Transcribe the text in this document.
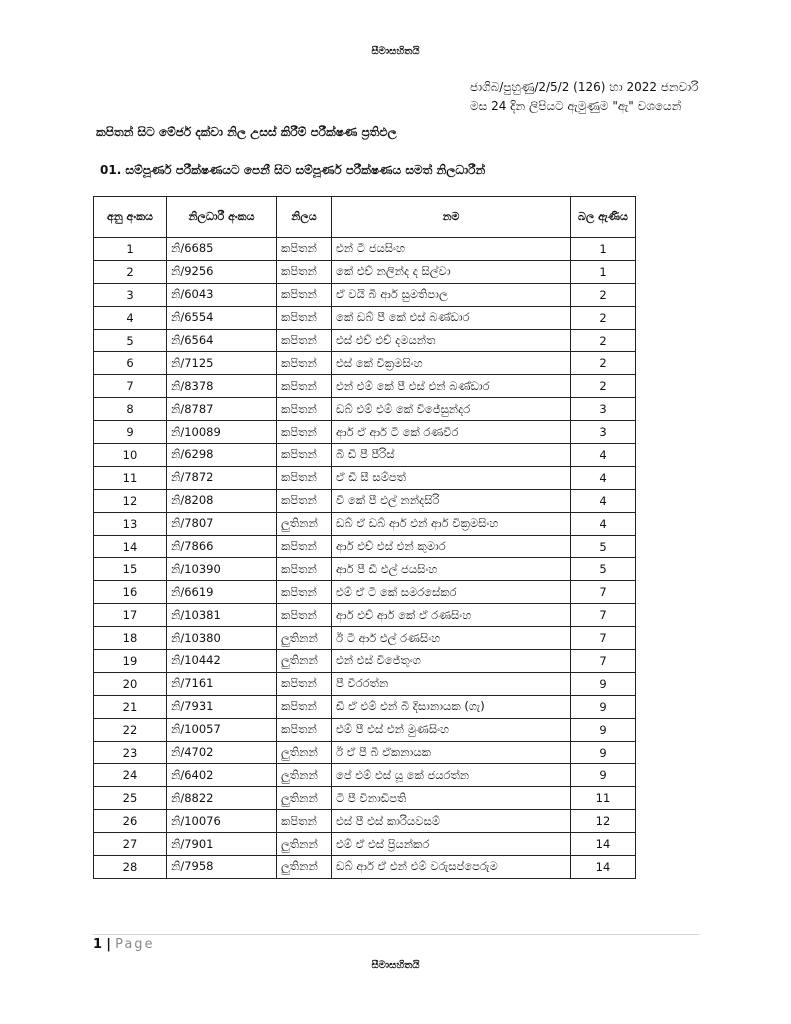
සීමාසහිතයි
ජාගිබ/පුහුණු/2/5/2 (126) හා 2022 ජනවාරි
මස 24 දින ලිපියට ඇමුණුම "ඇ" වශයෙන්
කපිතන් සිට මේජර් දක්වා නිල උසස් කිරීම් පරීක්ෂණ ප්‍රතිඵල
01. සම්පූර්ණ පරීක්ෂණයට පෙනී සිට සම්පූර්ණ පරීක්ෂණය සමත් නිලධාරීන්
අනු අංකය	නිලධාරී අංකය	නිලය	නම	බල ඇණිය
1	නි/6685	කපිතන්	එන් ටී ජයසිංහ	1
2	නි/9256	කපිතන්	කේ එච් නලින්ද ද සිල්වා	1
3	නි/6043	කපිතන්	ඒ වයි බී ආර් සුමතිපාල	2
4	නි/6554	කපිතන්	කේ ඩබ් පී කේ එස් බණ්ඩාර	2
5	නි/6564	කපිතන්	එස් එච් එච් දමයන්ත	2
6	නි/7125	කපිතන්	එස් කේ වික්‍රමසිංහ	2
7	නි/8378	කපිතන්	එන් එම් කේ පී එස් එන් බණ්ඩාර	2
8	නි/8787	කපිතන්	ඩබ් එම් එම් කේ විජේසුන්දර	3
9	නි/10089	කපිතන්	ආර් ඒ ආර් ටී කේ රණවීර	3
10	නි/6298	කපිතන්	බී ඩී පී පීරිස්	4
11	නි/7872	කපිතන්	ඒ ඩී සී සම්පත්	4
12	නි/8208	කපිතන්	වී කේ පී එල් නන්දසිරි	4
13	නි/7807	ලුතිනන්	ඩබ් ඒ ඩබ් ආර් එන් ආර් වික්‍රමසිංහ	4
14	නි/7866	කපිතන්	ආර් එච් එස් එන් කුමාර	5
15	නි/10390	කපිතන්	ආර් පී ඩී එල් ජයසිංහ	5
16	නි/6619	කපිතන්	එම් ඒ ටී කේ සමරසේකර	7
17	නි/10381	කපිතන්	ආර් එච් ආර් කේ ඒ රණසිංහ	7
18	නි/10380	ලුතිනන්	ඊ ටී ආර් එල් රණසිංහ	7
19	නි/10442	ලුතිනන්	එන් එස් විජේතුංග	7
20	නි/7161	කපිතන්	පී වීරරත්න	9
21	නි/7931	කපිතන්	ඩී ඒ එම් එන් බී දිසානායක (ගැ)	9
22	නි/10057	කපිතන්	එම් පී එස් එන් මුණසිංහ	9
23	නි/4702	ලුතිනන්	ඊ ඒ පී බී ඒකනායක	9
24	නි/6402	ලුතිනන්	පේ එම් එස් යූ කේ ජයරත්න	9
25	නි/8822	ලුතිනන්	ටී පී විනාඩිපති	11
26	නි/10076	කපිතන්	එස් පී එස් කාරියවසම්	12
27	නි/7901	ලුතිනන්	එම් ඒ එස් ප්‍රියන්කර	14
28	නි/7958	ලුතිනන්	ඩබ් ආර් ඒ එන් එම් වරුසප්පෙරුම	14
1 | Page
සීමාසහිතයි
